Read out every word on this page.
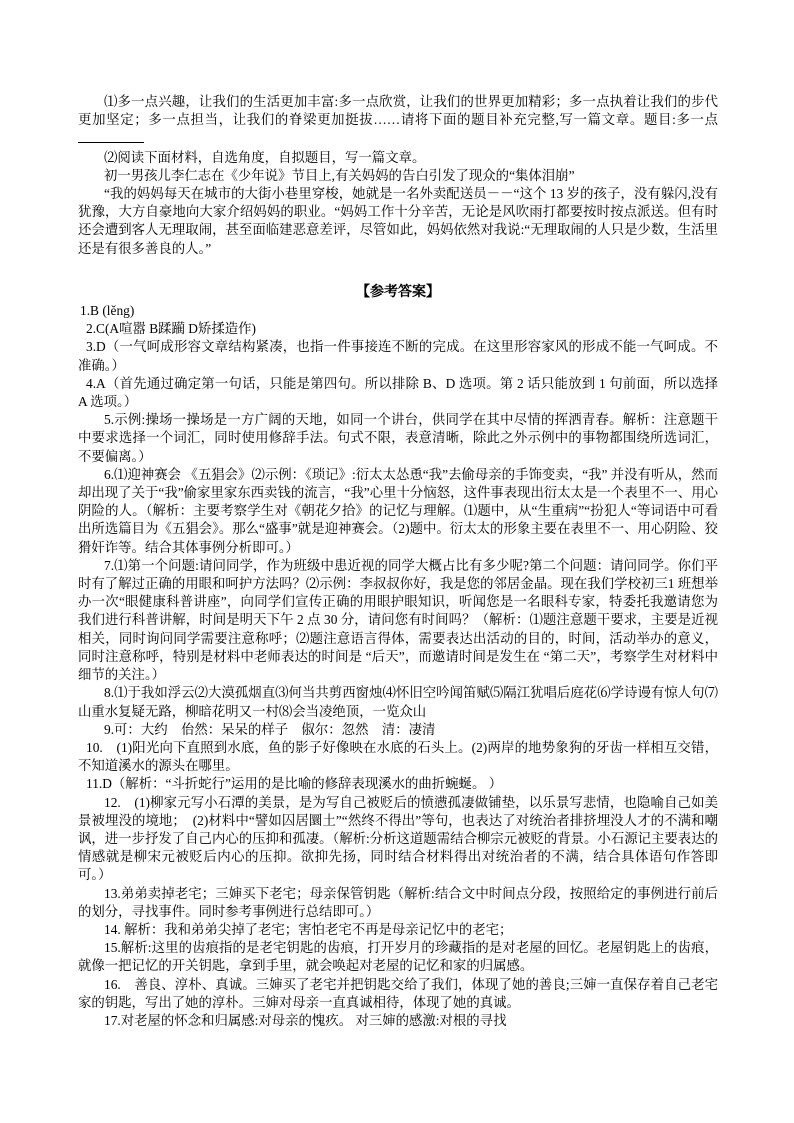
⑴多一点兴趣，让我们的生活更加丰富:多一点欣赏，让我们的世界更加精彩；多一点执着让我们的步代更加坚定；多一点担当，让我们的脊梁更加挺拔……请将下面的题目补充完整,写一篇文章。题目:多一点

⑵阅读下面材料，自选角度，自拟题目，写一篇文章。

初一男孩儿李仁志在《少年说》节目上,有关妈妈的告白引发了现众的“集体泪崩”

“我的妈妈每天在城市的大街小巷里穿梭，她就是一名外卖配送员－－“这个 13 岁的孩子，没有躲闪,没有犹豫，大方自豪地向大家介绍妈妈的职业。“妈妈工作十分辛苦，无论是风吹雨打都要按时按点派送。但有时还会遭到客人无理取闹，甚至面临建恶意差评，尽管如此，妈妈依然对我说:“无理取闹的人只是少数，生活里还是有很多善良的人。”

【参考答案】

1.B (lěng)

2.C(A喧嚣 B蹂躏 D矫揉造作)

3.D（一气呵成形容文章结构紧凑，也指一件事接连不断的完成。在这里形容家风的形成不能一气呵成。不准确。）

4.A（首先通过确定第一句话，只能是第四句。所以排除 B、D 选项。第 2 话只能放到 1 句前面，所以选择 A 选项。）

5.示例:操场一操场是一方广阔的天地，如同一个讲台，供同学在其中尽情的挥洒青春。解析：注意题干中要求选择一个词汇，同时使用修辞手法。句式不限，表意清晰，除此之外示例中的事物都围绕所选词汇，不要偏离。）

6.⑴迎神赛会 《五猖会》⑵示例：《琐记》:衍太太怂恿“我”去偷母亲的手饰变卖，“我” 并没有听从，然而却出现了关于“我”偷家里家东西卖钱的流言，“我”心里十分恼怒，这件事表现出衍太太是一个表里不一、用心阴险的人。（解析：主要考察学生对《朝花夕拾》的记忆与理解。⑴题中，从“生重病”“扮犯人“等词语中可看出所选篇目为《五猖会》。那么“盛事”就是迎神赛会。（2)题中。衍太太的形象主要在表里不一、用心阴险、狡猾奸诈等。结合其体事例分析即可。）

7.⑴第一个问题:请问同学，作为班级中患近视的同学大概占比有多少呢?第二个问题：请问同学。你们平时有了解过正确的用眼和呵护方法吗？⑵示例：李叔叔你好，我是您的邻居金晶。现在我们学校初三1 班想举办一次“眼健康科普讲座”，向同学们宣传正确的用眼护眼知识，听闻您是一名眼科专家，特委托我邀请您为我们进行科普讲解，时间是明天下午 2 点 30 分，请问您有时间吗？（解析：⑴题注意题干要求，主要是近视相关，同时询问同学需要注意称呼；⑵题注意语言得体，需要表达出活动的目的，时间，活动举办的意义，同时注意称呼，特别是材料中老师表达的时间是 “后天”，而邀请时间是发生在 “第二天”，考察学生对材料中细节的关注。）

8.⑴于我如浮云⑵大漠孤烟直⑶何当共剪西窗烛⑷怀旧空吟闻笛赋⑸隔江犹唱后庭花⑹学诗谩有惊人句⑺山重水复疑无路，柳暗花明又一村⑻会当凌绝顶，一览众山

9.可：大约　佁然：呆呆的样子　俶尔：忽然　清：凄清

10.　(1)阳光向下直照到水底，鱼的影子好像映在水底的石头上。(2)两岸的地势象狗的牙齿一样相互交错，不知道溪水的源头在哪里。

11.D（解析：“斗折蛇行”运用的是比喻的修辞表现溪水的曲折蜿蜒。 ）

12.　(1)柳家元写小石潭的美景，是为写自己被贬后的愤懑孤凄做铺垫，以乐景写悲情，也隐喻自己如美景被埋没的境地；　(2)材料中“譬如囚居圜土”“然终不得出”等句，也表达了对统治者排挤埋没人才的不满和嘲讽，进一步抒发了自己内心的压抑和孤凄。（解析:分析这道题需结合柳宗元被贬的背景。小石源记主要表达的情感就是柳宋元被贬后内心的压抑。欲抑先扬，同时结合材料得出对统治者的不满，结合具体语句作答即可。）

13.弟弟卖掉老宅；三婶买下老宅；母亲保管钥匙（解析:结合文中时间点分段，按照给定的事例进行前后的划分，寻找事件。同时参考事例进行总结即可。）

14. 解析：我和弟弟尖掉了老宅；害怕老宅不再是母亲记忆中的老宅；

15.解析:这里的齿痕指的是老宅钥匙的齿痕，打开岁月的珍藏指的是对老屋的回忆。老屋钥匙上的齿痕，就像一把记忆的开关钥匙，拿到手里，就会唤起对老屋的记忆和家的归属感。

16.　善良、淳朴、真诚。三婶买了老宅并把钥匙交给了我们，体现了她的善良;三婶一直保存着自己老宅家的钥匙，写出了她的淳朴。三婶对母亲一直真诚相待，体现了她的真诚。

17.对老屋的怀念和归属感:对母亲的愧疚。 对三婶的感激:对根的寻找
